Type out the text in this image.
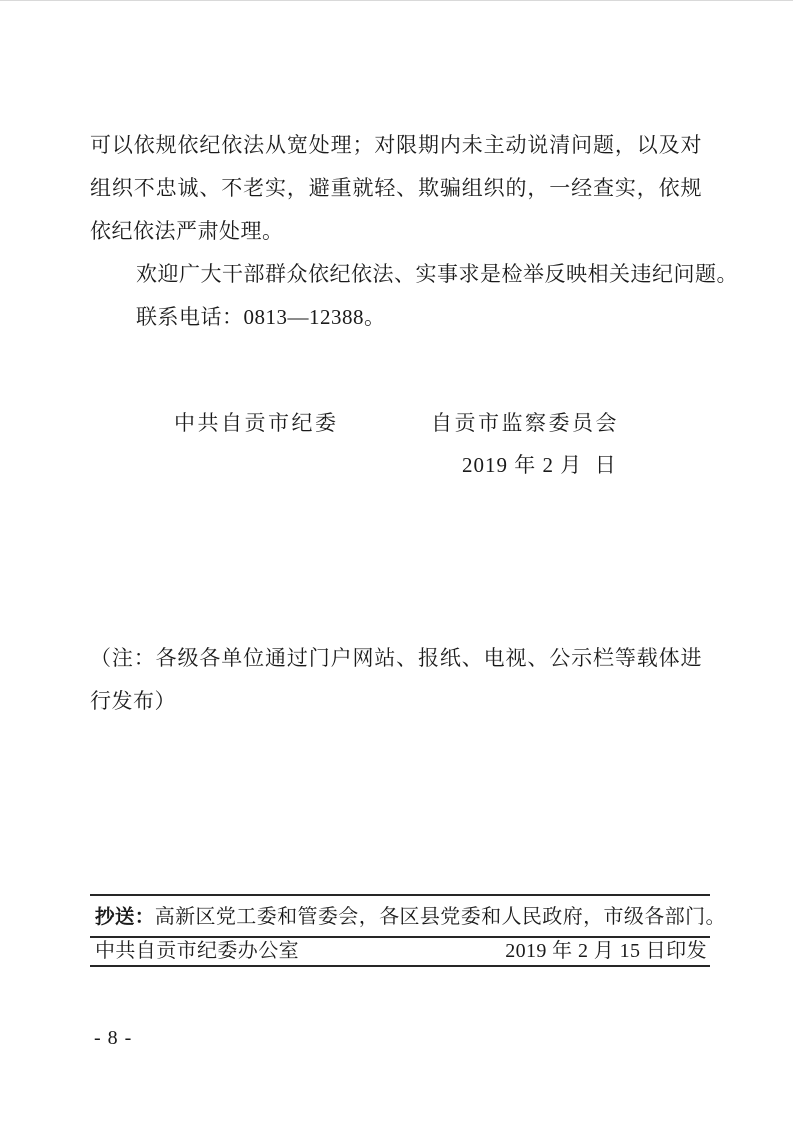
可以依规依纪依法从宽处理；对限期内未主动说清问题，以及对
组织不忠诚、不老实，避重就轻、欺骗组织的，一经查实，依规
依纪依法严肃处理。
欢迎广大干部群众依纪依法、实事求是检举反映相关违纪问题。
联系电话：0813—12388。
中共自贡市纪委	自贡市监察委员会
2019 年 2 月  日
（注：各级各单位通过门户网站、报纸、电视、公示栏等载体进
行发布）
抄送：高新区党工委和管委会，各区县党委和人民政府，市级各部门。
中共自贡市纪委办公室	2019 年 2 月 15 日印发
- 8 -
